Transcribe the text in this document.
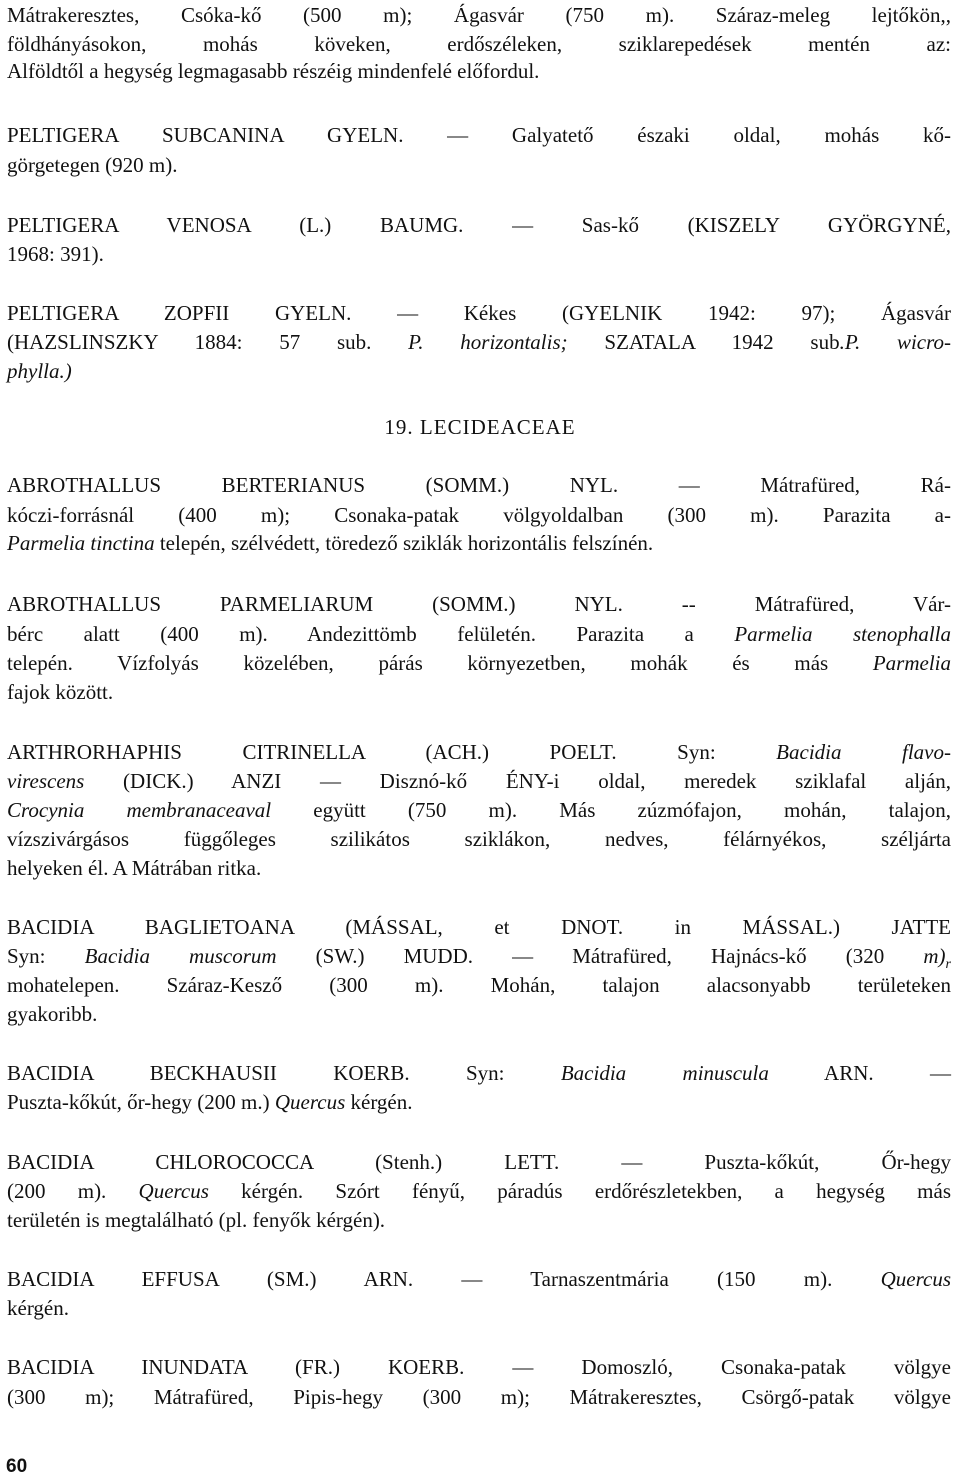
Mátrakeresztes, Csóka-kő (500 m); Ágasvár (750 m). Száraz-meleg lejtőkön,,
földhányásokon, mohás köveken, erdőszéleken, sziklarepedések mentén az:
Alföldtől a hegység legmagasabb részéig mindenfelé előfordul.
PELTIGERA SUBCANINA GYELN. — Galyatető északi oldal, mohás kő-
görgetegen (920 m).
PELTIGERA VENOSA (L.) BAUMG. — Sas-kő (KISZELY GYÖRGYNÉ,
1968: 391).
PELTIGERA ZOPFII GYELN. — Kékes (GYELNIK 1942: 97); Ágasvár
(HAZSLINSZKY 1884: 57 sub. P. horizontalis; SZATALA 1942 sub.P. wicro-
phylla.)
19. LECIDEACEAE
ABROTHALLUS BERTERIANUS (SOMM.) NYL. — Mátrafüred, Rá-
kóczi-forrásnál (400 m); Csonaka-patak völgyoldalban (300 m). Parazita a-
Parmelia tinctina telepén, szélvédett, töredező sziklák horizontális felszínén.
ABROTHALLUS PARMELIARUM (SOMM.) NYL. -- Mátrafüred, Vár-
bérc alatt (400 m). Andezittömb felületén. Parazita a Parmelia stenophalla
telepén. Vízfolyás közelében, párás környezetben, mohák és más Parmelia
fajok között.
ARTHRORHAPHIS CITRINELLA (ACH.) POELT. Syn: Bacidia flavo-
virescens (DICK.) ANZI — Disznó-kő ÉNY-i oldal, meredek sziklafal alján,
Crocynia membranaceaval együtt (750 m). Más zúzmófajon, mohán, talajon,
vízszivárgásos függőleges szilikátos sziklákon, nedves, félárnyékos, széljárta
helyeken él. A Mátrában ritka.
BACIDIA BAGLIETOANA (MÁSSAL, et DNOT. in MÁSSAL.) JATTE
Syn: Bacidia muscorum (SW.) MUDD. — Mátrafüred, Hajnács-kő (320 $m)_r$
mohatelepen. Száraz-Kesző (300 m). Mohán, talajon alacsonyabb területeken
gyakoribb.
BACIDIA BECKHAUSII KOERB. Syn: Bacidia minuscula ARN. —
Puszta-kőkút, őr-hegy (200 m.) Quercus kérgén.
BACIDIA CHLOROCOCCA (Stenh.) LETT. — Puszta-kőkút, Őr-hegy
(200 m). Quercus kérgén. Szórt fényű, páradús erdőrészletekben, a hegység más
területén is megtalálható (pl. fenyők kérgén).
BACIDIA EFFUSA (SM.) ARN. — Tarnaszentmária (150 m). Quercus
kérgén.
BACIDIA INUNDATA (FR.) KOERB. — Domoszló, Csonaka-patak völgye
(300 m); Mátrafüred, Pipis-hegy (300 m); Mátrakeresztes, Csörgő-patak völgye
60
